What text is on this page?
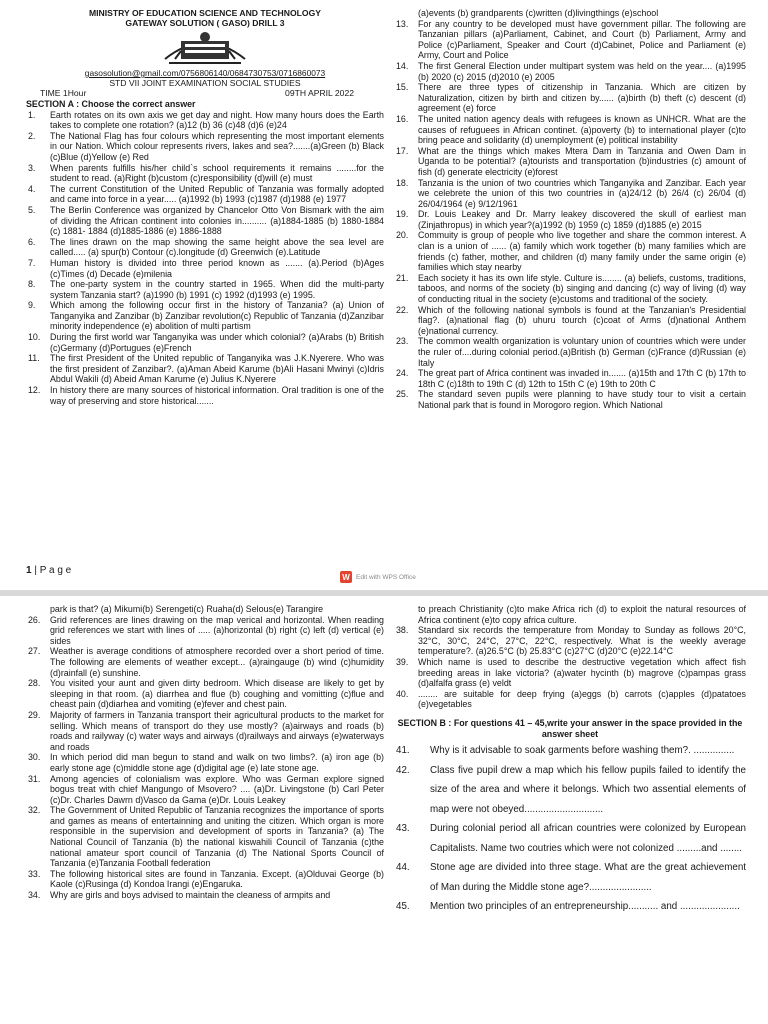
MINISTRY OF EDUCATION SCIENCE AND TECHNOLOGY
GATEWAY SOLUTION ( GASO) DRILL 3
gasosolution@gmail.com/0756806140/0684730753/0716860073
STD VII JOINT EXAMINATION SOCIAL STUDIES
TIME 1Hour	09TH APRIL 2022
SECTION A : Choose the correct answer
1.	Earth rotates on its own axis we get day and night. How many hours does the Earth takes to complete one rotation? (a)12 (b) 36 (c)48 (d)6 (e)24
2.	The National Flag has four colours which representing the most important elements in our Nation. Which colour represents rivers, lakes and sea?.......(a)Green (b) Black (c)Blue (d)Yellow (e) Red
3.	When parents fulfills his/her child`s school requirements it remains ........for the student to read. (a)Right (b)custom (c)responsibility (d)will (e) must
4.	The current Constitution of the United Republic of Tanzania was formally adopted and came into force in a year..... (a)1992 (b) 1993 (c)1987 (d)1988 (e) 1977
5.	The Berlin Conference was organized by Chancelor Otto Von Bismark with the aim of dividing the African continent into colonies in.......... (a)1884-1885 (b) 1880-1884 (c) 1881- 1884 (d)1885-1886 (e) 1886-1888
6.	The lines drawn on the map showing the same height above the sea level are called..... (a) spur(b) Contour (c).longitude (d) Greenwich (e).Latitude
7.	Human history is divided into three period known as ....... (a).Period (b)Ages (c)Times (d) Decade (e)milenia
8.	The one-party system in the country started in 1965. When did the multi-party system Tanzania start? (a)1990 (b) 1991 (c) 1992 (d)1993 (e) 1995.
9.	Which among the following occur first in the history of Tanzania? (a) Union of Tanganyika and Zanzibar (b) Zanzibar revolution(c) Republic of Tanzania (d)Zanzibar minority independence (e) abolition of multi partism
10.	During the first world war Tanganyika was under which colonial? (a)Arabs (b) British (c)Germany (d)Portugues (e)French
11.	The first President of the United republic of Tanganyika was J.K.Nyerere. Who was the first president of Zanzibar?. (a)Aman Abeid Karume (b)Ali Hasani Mwinyi (c)Idris Abdul Wakili (d) Abeid Aman Karume (e) Julius K.Nyerere
12.	In history there are many sources of historical information. Oral tradition is one of the way of preserving and store historical.......
(a)events (b) grandparents (c)written (d)livingthings (e)school
13.	For any country to be developed must have government pillar. The following are Tanzanian pillars (a)Parliament, Cabinet, and Court (b) Parliament, Army and Police (c)Parliament, Speaker and Court (d)Cabinet, Police and Parliament (e) Army, Court and Police
14.	The first General Election under multipart system was held on the year.... (a)1995 (b) 2020 (c) 2015 (d)2010 (e) 2005
15.	There are three types of citizenship in Tanzania. Which are citizen by Naturalization, citizen by birth and citizen by...... (a)birth (b) theft (c) descent (d) agreement (e) force
16.	The united nation agency deals with refugees is known as UNHCR. What are the causes of refuguees in African continet. (a)poverty (b) to international player (c)to bring peace and solidarity (d) unemployment (e) political instability
17.	What are the things which makes Mtera Dam in Tanzania and Owen Dam in Uganda to be potential? (a)tourists and transportation (b)industries (c) amount of fish (d) generate electricity (e)forest
18.	Tanzania is the union of two countries which Tanganyika and Zanzibar. Each year we celebrete the union of this two countries in (a)24/12 (b) 26/4 (c) 26/04 (d) 26/04/1964 (e) 9/12/1961
19.	Dr. Louis Leakey and Dr. Marry leakey discovered the skull of earliest man (Zinjathropus) in which year?(a)1992 (b) 1959 (c) 1859 (d)1885 (e) 2015
20.	Commuity is group of people who live together and share the common interest. A clan is a union of ...... (a) family which work together (b) many families which are friends (c) father, mother, and children (d) many family under the same origin (e) families which stay nearby
21.	Each society it has its own life style. Culture is........ (a) beliefs, customs, traditions, taboos, and norms of the society (b) singing and dancing (c) way of living (d) way of conducting ritual in the society (e)customs and traditional of the society.
22.	Which of the following national symbols is found at the Tanzanian's Presidential flag?. (a)national flag (b) uhuru tourch (c)coat of Arms (d)national Anthem (e)national currency.
23.	The common wealth organization is voluntary union of countries which were under the ruler of....during colonial period.(a)British (b) German (c)France (d)Russian (e) Italy
24.	The great part of Africa continent was invaded in....... (a)15th and 17th C (b) 17th to 18th C (c)18th to 19th C (d) 12th to 15th C (e) 19th to 20th C
25.	The standard seven pupils were planning to have study tour to visit a certain National park that is found in Morogoro region. Which National
1 | P a g e
W Edit with WPS Office
park is that? (a) Mikumi(b) Serengeti(c) Ruaha(d) Selous(e) Tarangire
26.	Grid references are lines drawing on the map verical and horizontal. When reading grid references we start with lines of ..... (a)horizontal (b) right (c) left (d) vertical (e) sides
27.	Weather is average conditions of atmosphere recorded over a short period of time. The following are elements of weather except... (a)raingauge (b) wind (c)humidity (d)rainfall (e) sunshine.
28.	You visited your aunt and given dirty bedroom. Which disease are likely to get by sleeping in that room. (a) diarrhea and flue (b) coughing and vomitting (c)flue and cheast pain (d)diarhea and vomiting (e)fever and chest pain.
29.	Majority of farmers in Tanzania transport their agricultural products to the market for selling. Which means of transport do they use mostly? (a)airways and roads (b) roads and railyway (c) water ways and airways (d)railways and airways (e)waterways and roads
30.	In which period did man begun to stand and walk on two limbs?. (a) iron age (b) early stone age (c)middle stone age (d)digital age (e) late stone age.
31.	Among agencies of colonialism was explore. Who was German explore signed bogus treat with chief Mangungo of Msovero? .... (a)Dr. Livingstone (b) Carl Peter (c)Dr. Charles Dawrn d)Vasco da Gama (e)Dr. Louis Leakey
32.	The Government of United Republic of Tanzania recognizes the importance of sports and games as means of entertainning and uniting the citizen. Which organ is more responsible in the supervision and development of sports in Tanzania? (a) The National Council of Tanzania (b) the national kiswahili Council of Tanzania (c)the national amateur sport council of Tanzania (d) The National Sports Council of Tanzania (e)Tanzania Football federation
33.	The following historical sites are found in Tanzania. Except. (a)Olduvai George (b) Kaole (c)Rusinga (d) Kondoa Irangi (e)Engaruka.
34.	Why are girls and boys advised to maintain the cleaness of armpits and
to preach Christianity (c)to make Africa rich (d) to exploit the natural resources of Africa continent (e)to copy africa culture.
38.	Standard six records the temperature from Monday to Sunday as follows 20°C, 32°C, 30°C, 24°C, 27°C, 22°C, respectively. What is the weekly average temperature?. (a)26.5°C (b) 25.83°C (c)27°C (d)20°C (e)22.14°C
39.	Which name is used to describe the destructive vegetation which affect fish breeding areas in lake victoria? (a)water hycinth (b) magrove (c)pampas grass (d)alfalfa grass (e) veldt
40.	........ are suitable for deep frying (a)eggs (b) carrots (c)apples (d)patatoes (e)vegetables
SECTION B : For questions 41 – 45,write your answer in the space provided in the answer sheet
41.	Why is it advisable to soak garments before washing them?. ...............
42.	Class five pupil drew a map which his fellow pupils failed to identify the size of the area and where it belongs. Which two assential elements of map were not obeyed.............................
43.	During colonial period all african countries were colonized by European Capitalists. Name two coutries which were not colonized .........and ........
44.	Stone age are divided into three stage. What are the great achievement of Man during the Middle stone age?.......................
45.	Mention two principles of an entrepreneurship........... and ......................
